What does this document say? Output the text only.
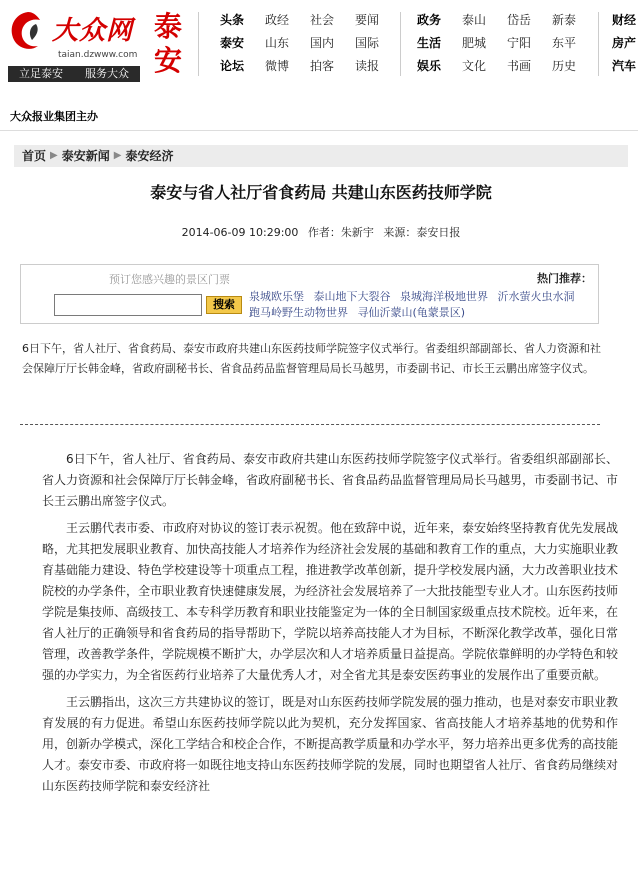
大众网
taian.dzwww.com
泰安
立足泰安 服务大众
头条	政经	社会	要闻
泰安	山东	国内	国际
论坛	微博	拍客	读报
政务	泰山	岱岳	新泰
生活	肥城	宁阳	东平
娱乐	文化	书画	历史
财经
房产
汽车
大众报业集团主办
首页 ▶ 泰安新闻 ▶ 泰安经济
泰安与省人社厅省食药局 共建山东医药技师学院
2014-06-09 10:29:00 作者：朱新宇 来源：泰安日报
预订您感兴趣的景区门票
搜索
热门推荐：
泉城欧乐堡 泰山地下大裂谷 泉城海洋极地世界 沂水萤火虫水洞 跑马岭野生动物世界 寻仙沂蒙山(龟蒙景区)
6日下午，省人社厅、省食药局、泰安市政府共建山东医药技师学院签字仪式举行。省委组织部副部长、省人力资源和社会保障厅厅长韩金峰，省政府副秘书长、省食品药品监督管理局局长马越男，市委副书记、市长王云鹏出席签字仪式。

6日下午，省人社厅、省食药局、泰安市政府共建山东医药技师学院签字仪式举行。省委组织部副部长、省人力资源和社会保障厅厅长韩金峰，省政府副秘书长、省食品药品监督管理局局长马越男，市委副书记、市长王云鹏出席签字仪式。

王云鹏代表市委、市政府对协议的签订表示祝贺。他在致辞中说，近年来，泰安始终坚持教育优先发展战略，尤其把发展职业教育、加快高技能人才培养作为经济社会发展的基础和教育工作的重点，大力实施职业教育基础能力建设、特色学校建设等十项重点工程，推进教学改革创新，提升学校发展内涵，大力改善职业技术院校的办学条件，全市职业教育快速健康发展，为经济社会发展培养了一大批技能型专业人才。山东医药技师学院是集技师、高级技工、本专科学历教育和职业技能鉴定为一体的全日制国家级重点技术院校。近年来，在省人社厅的正确领导和省食药局的指导帮助下，学院以培养高技能人才为目标，不断深化教学改革，强化日常管理，改善教学条件，学院规模不断扩大，办学层次和人才培养质量日益提高。学院依靠鲜明的办学特色和较强的办学实力，为全省医药行业培养了大量优秀人才，对全省尤其是泰安医药事业的发展作出了重要贡献。

王云鹏指出，这次三方共建协议的签订，既是对山东医药技师学院发展的强力推动，也是对泰安市职业教育发展的有力促进。希望山东医药技师学院以此为契机，充分发挥国家、省高技能人才培养基地的优势和作用，创新办学模式，深化工学结合和校企合作，不断提高教学质量和办学水平，努力培养出更多优秀的高技能人才。泰安市委、市政府将一如既往地支持山东医药技师学院的发展，同时也期望省人社厅、省食药局继续对山东医药技师学院和泰安经济社
